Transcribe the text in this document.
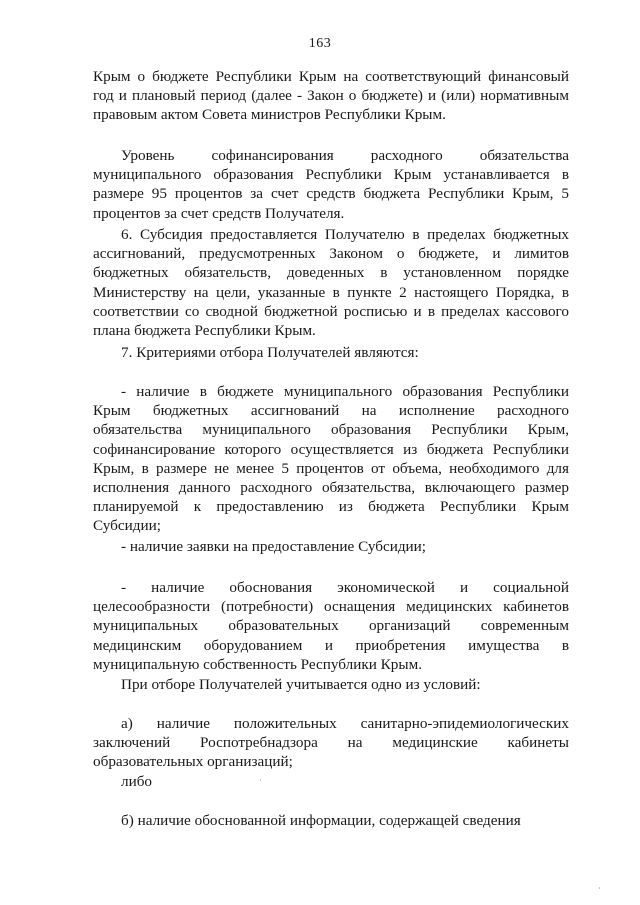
163

Крым о бюджете Республики Крым на соответствующий финансовый год и плановый период (далее - Закон о бюджете) и (или) нормативным правовым актом Совета министров Республики Крым.

Уровень софинансирования расходного обязательства муниципального образования Республики Крым устанавливается в размере 95 процентов за счет средств бюджета Республики Крым, 5 процентов за счет средств Получателя.

6. Субсидия предоставляется Получателю в пределах бюджетных ассигнований, предусмотренных Законом о бюджете, и лимитов бюджетных обязательств, доведенных в установленном порядке Министерству на цели, указанные в пункте 2 настоящего Порядка, в соответствии со сводной бюджетной росписью и в пределах кассового плана бюджета Республики Крым.

7. Критериями отбора Получателей являются:

- наличие в бюджете муниципального образования Республики Крым бюджетных ассигнований на исполнение расходного обязательства муниципального образования Республики Крым, софинансирование которого осуществляется из бюджета Республики Крым, в размере не менее 5 процентов от объема, необходимого для исполнения данного расходного обязательства, включающего размер планируемой к предоставлению из бюджета Республики Крым Субсидии;

- наличие заявки на предоставление Субсидии;

- наличие обоснования экономической и социальной целесообразности (потребности) оснащения медицинских кабинетов муниципальных образовательных организаций современным медицинским оборудованием и приобретения имущества в муниципальную собственность Республики Крым.

При отборе Получателей учитывается одно из условий:

а) наличие положительных санитарно-эпидемиологических заключений Роспотребнадзора на медицинские кабинеты образовательных организаций;

либо

б) наличие обоснованной информации, содержащей сведения

·
·
